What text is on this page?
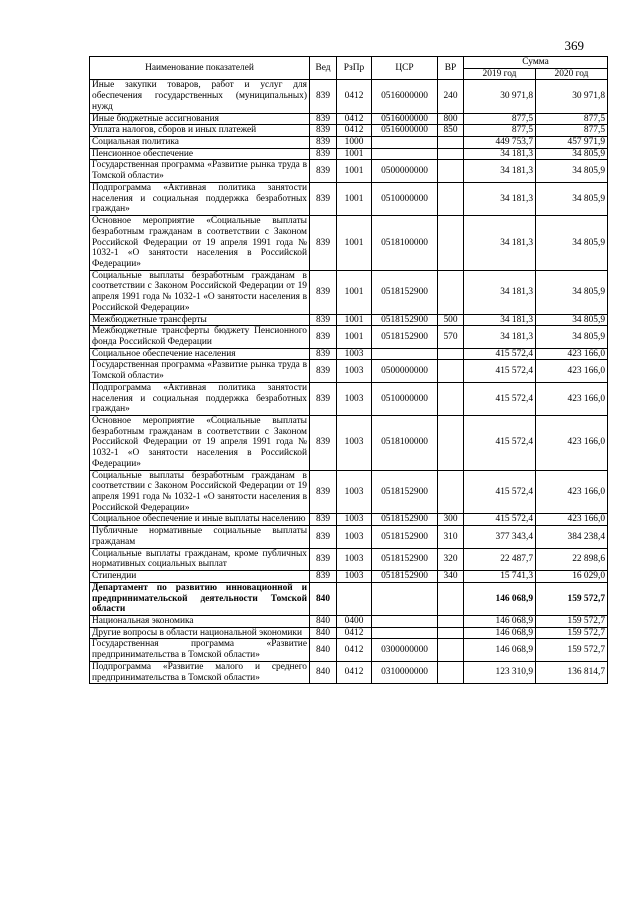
369
Наименование показателей	Вед	РзПр	ЦСР	ВР	Сумма	
					2019 год	2020 год
Иные закупки товаров, работ и услуг для обеспечения государственных (муниципальных) нужд	839	0412	0516000000	240	30 971,8	30 971,8
Иные бюджетные ассигнования	839	0412	0516000000	800	877,5	877,5
Уплата налогов, сборов и иных платежей	839	0412	0516000000	850	877,5	877,5
Социальная политика	839	1000			449 753,7	457 971,9
Пенсионное обеспечение	839	1001			34 181,3	34 805,9
Государственная программа «Развитие рынка труда в Томской области»	839	1001	0500000000		34 181,3	34 805,9
Подпрограмма «Активная политика занятости населения и социальная поддержка безработных граждан»	839	1001	0510000000		34 181,3	34 805,9
Основное мероприятие «Социальные выплаты безработным гражданам в соответствии с Законом Российской Федерации от 19 апреля 1991 года № 1032-1 «О занятости населения в Российской Федерации»	839	1001	0518100000		34 181,3	34 805,9
Социальные выплаты безработным гражданам в соответствии с Законом Российской Федерации от 19 апреля 1991 года № 1032-1 «О занятости населения в Российской Федерации»	839	1001	0518152900		34 181,3	34 805,9
Межбюджетные трансферты	839	1001	0518152900	500	34 181,3	34 805,9
Межбюджетные трансферты бюджету Пенсионного фонда Российской Федерации	839	1001	0518152900	570	34 181,3	34 805,9
Социальное обеспечение населения	839	1003			415 572,4	423 166,0
Государственная программа «Развитие рынка труда в Томской области»	839	1003	0500000000		415 572,4	423 166,0
Подпрограмма «Активная политика занятости населения и социальная поддержка безработных граждан»	839	1003	0510000000		415 572,4	423 166,0
Основное мероприятие «Социальные выплаты безработным гражданам в соответствии с Законом Российской Федерации от 19 апреля 1991 года № 1032-1 «О занятости населения в Российской Федерации»	839	1003	0518100000		415 572,4	423 166,0
Социальные выплаты безработным гражданам в соответствии с Законом Российской Федерации от 19 апреля 1991 года № 1032-1 «О занятости населения в Российской Федерации»	839	1003	0518152900		415 572,4	423 166,0
Социальное обеспечение и иные выплаты населению	839	1003	0518152900	300	415 572,4	423 166,0
Публичные нормативные социальные выплаты гражданам	839	1003	0518152900	310	377 343,4	384 238,4
Социальные выплаты гражданам, кроме публичных нормативных социальных выплат	839	1003	0518152900	320	22 487,7	22 898,6
Стипендии	839	1003	0518152900	340	15 741,3	16 029,0
Департамент по развитию инновационной и предпринимательской деятельности Томской области	840				146 068,9	159 572,7
Национальная экономика	840	0400			146 068,9	159 572,7
Другие вопросы в области национальной экономики	840	0412			146 068,9	159 572,7
Государственная программа «Развитие предпринимательства в Томской области»	840	0412	0300000000		146 068,9	159 572,7
Подпрограмма «Развитие малого и среднего предпринимательства в Томской области»	840	0412	0310000000		123 310,9	136 814,7
